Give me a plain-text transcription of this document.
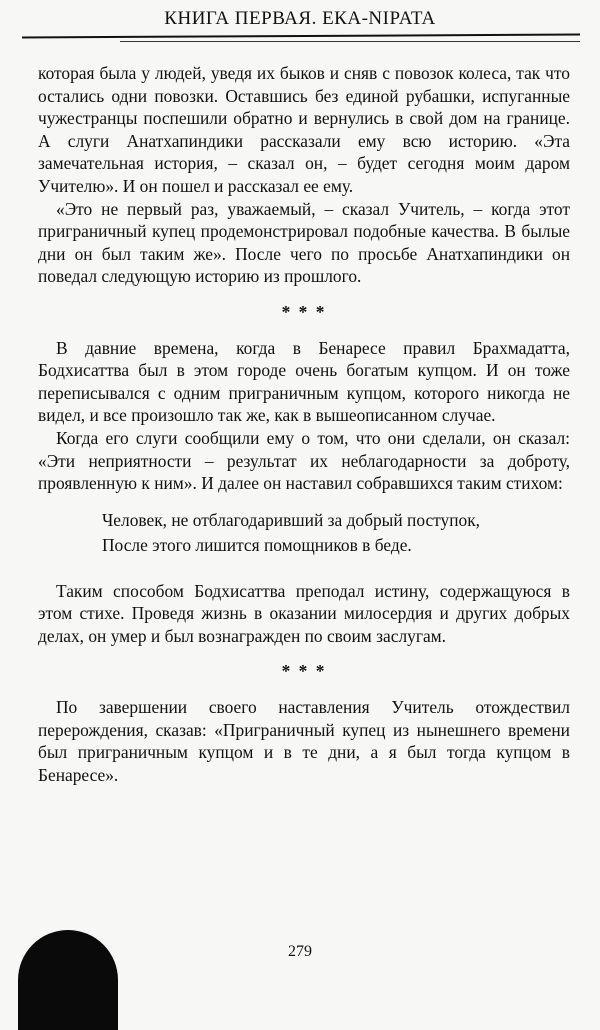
КНИГА ПЕРВАЯ. ЕКА-NIPATA

которая была у людей, уведя их быков и сняв с повозок колеса, так что остались одни повозки. Оставшись без единой рубашки, испуганные чужестранцы поспешили обратно и вернулись в свой дом на границе. А слуги Анатхапиндики рассказали ему всю историю. «Эта замечательная история, – сказал он, – будет сегодня моим даром Учителю». И он пошел и рассказал ее ему.

«Это не первый раз, уважаемый, – сказал Учитель, – когда этот пригpаничный купец продемонстрировал подобные качества. В былые дни он был таким же». После чего по просьбе Анатхапиндики он поведал следующую историю из прошлого.

* * *

В давние времена, когда в Бенаресе правил Брахмадатта, Бодхисаттва был в этом городе очень богатым купцом. И он тоже переписывался с одним приграничным купцом, которого никогда не видел, и все произошло так же, как в вышеописанном случае.

Когда его слуги сообщили ему о том, что они сделали, он сказал: «Эти неприятности – результат их неблагодарности за доброту, проявленную к ним». И далее он наставил собравшихся таким стихом:

Человек, не отблагодаривший за добрый поступок,
После этого лишится помощников в беде.

Таким способом Бодхисаттва преподал истину, содержащуюся в этом стихе. Проведя жизнь в оказании милосердия и других добрых делах, он умер и был вознагражден по своим заслугам.

* * *

По завершении своего наставления Учитель отождествил перерождения, сказав: «Приграничный купец из нынешнего времени был приграничным купцом и в те дни, а я был тогда купцом в Бенаресе».

279
